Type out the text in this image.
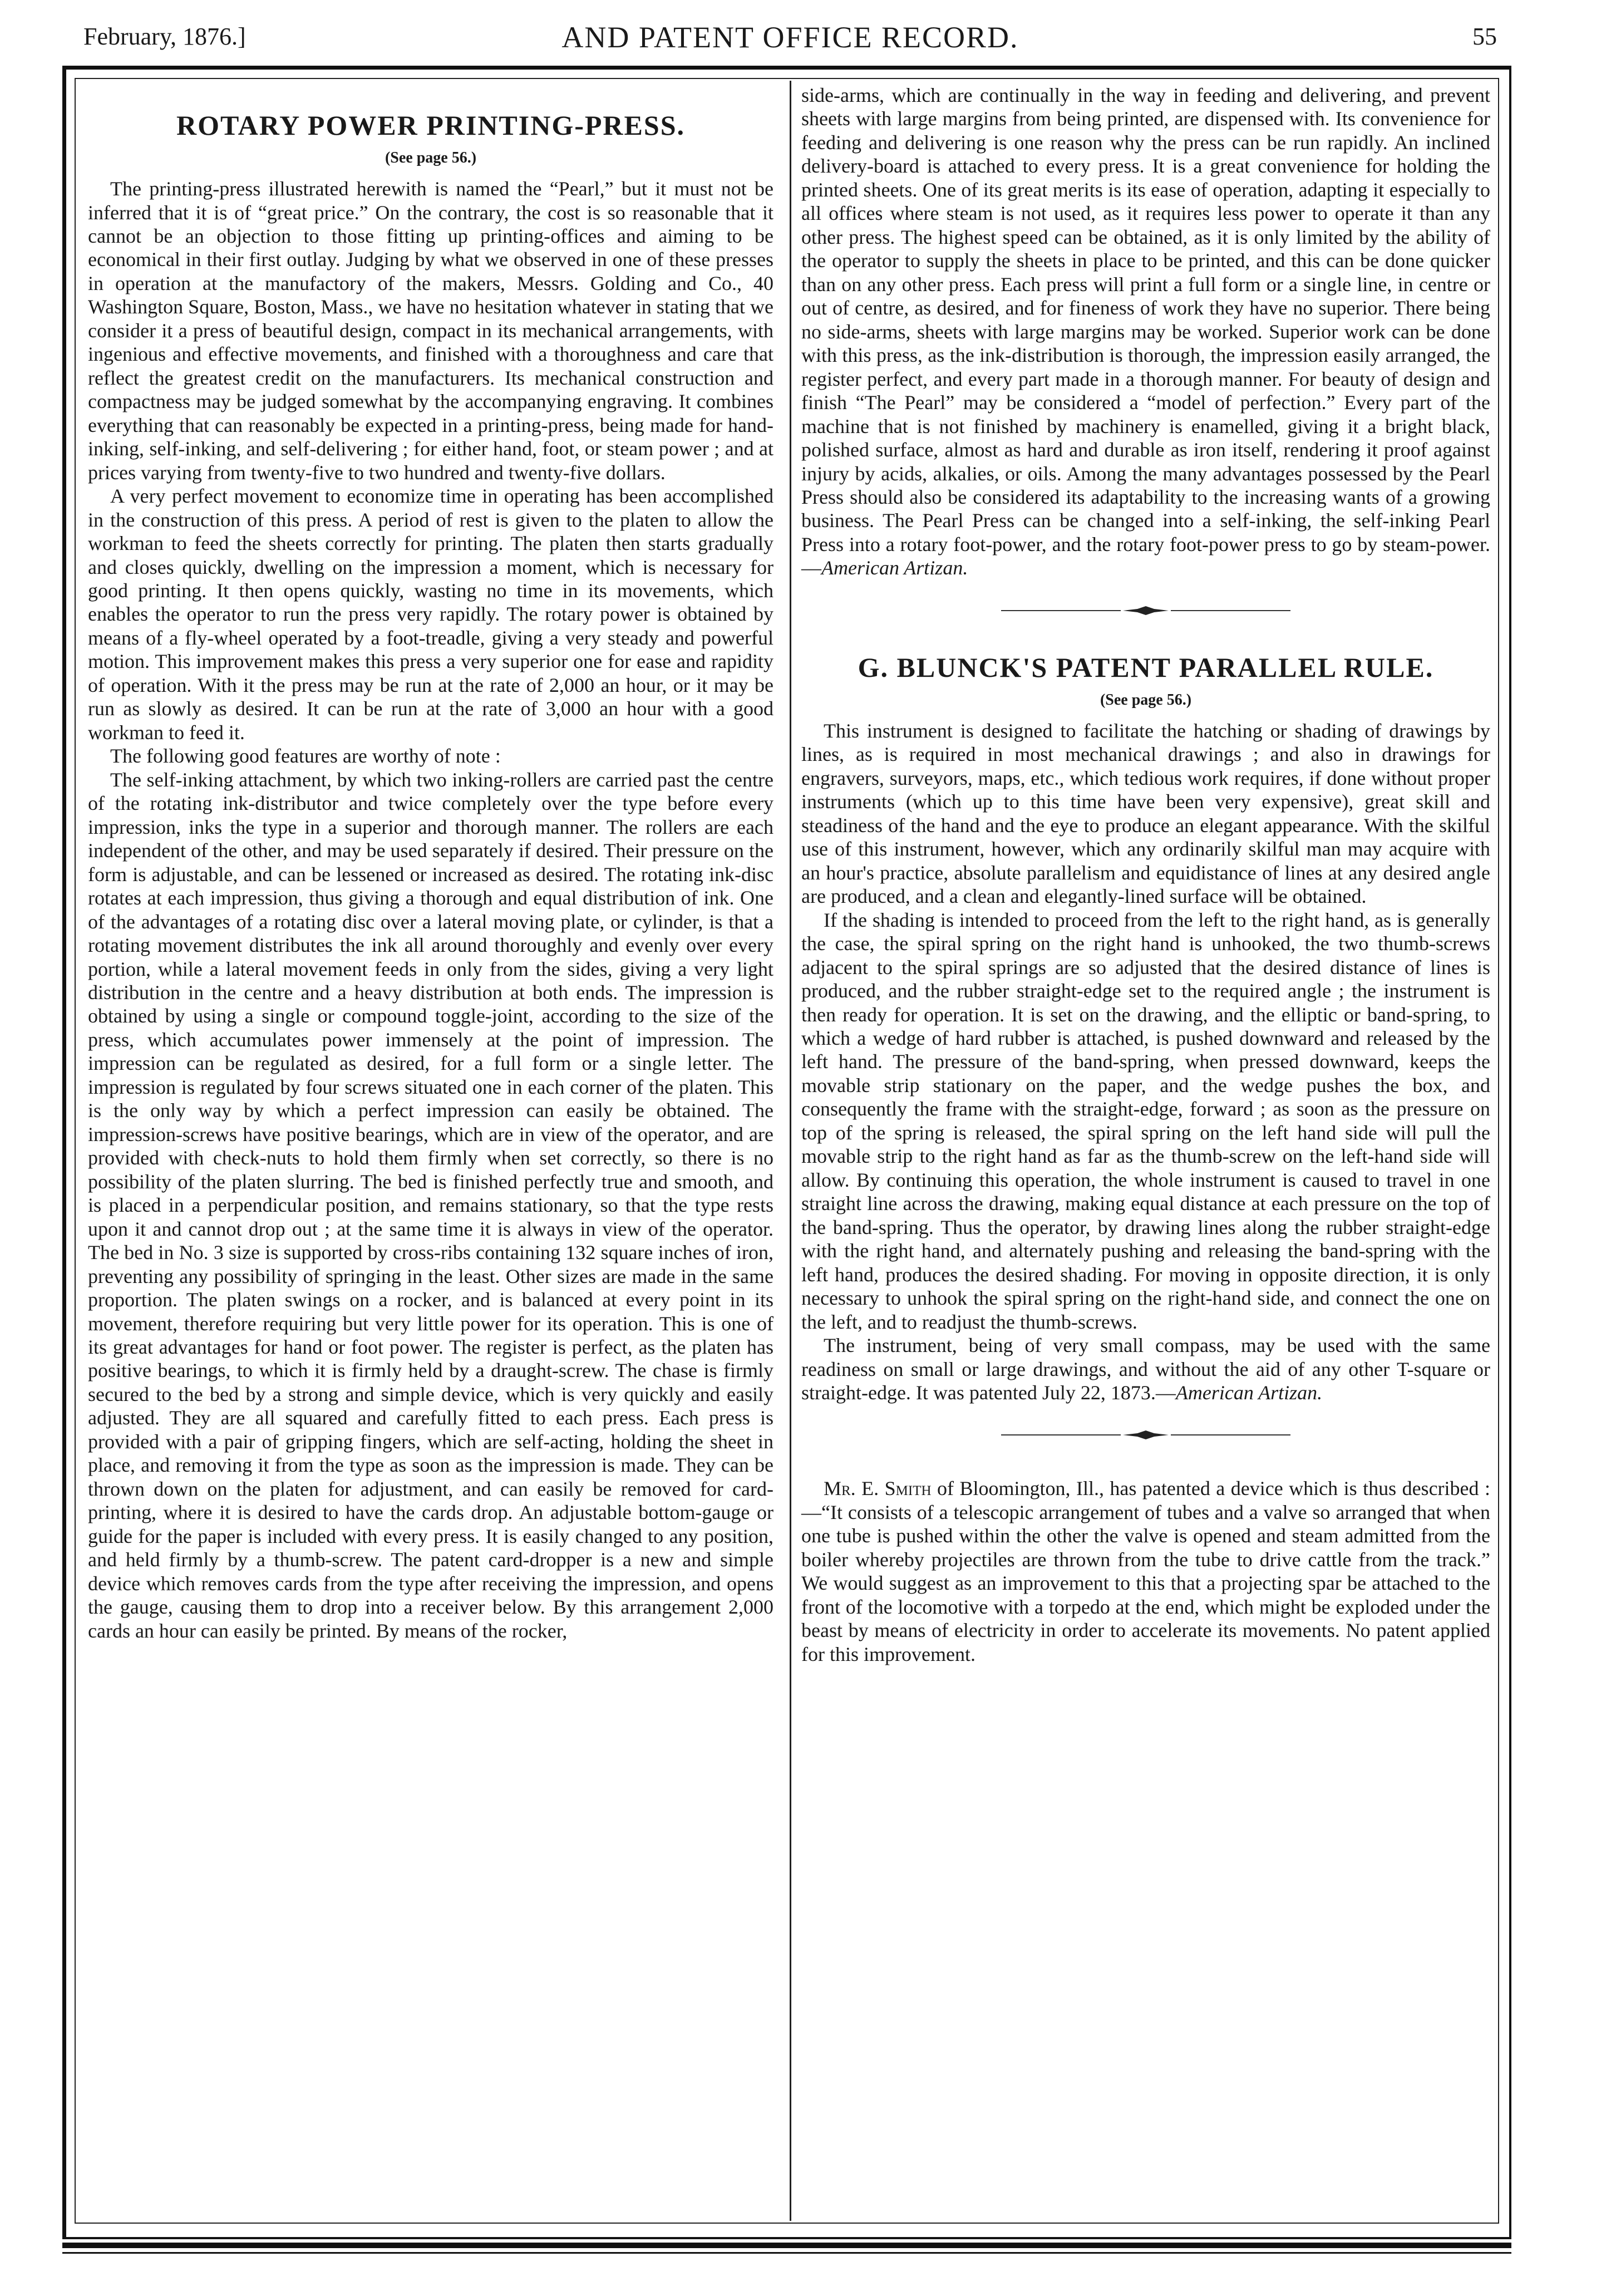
February, 1876.]	AND PATENT OFFICE RECORD.	55
ROTARY POWER PRINTING-PRESS.
(See page 56.)

The printing-press illustrated herewith is named the “Pearl,” but it must not be inferred that it is of “great price.” On the contrary, the cost is so reasonable that it cannot be an objection to those fitting up printing-offices and aiming to be economical in their first outlay. Judging by what we observed in one of these presses in operation at the manufactory of the makers, Messrs. Golding and Co., 40 Washington Square, Boston, Mass., we have no hesitation whatever in stating that we consider it a press of beautiful design, compact in its mechanical arrangements, with ingenious and effective movements, and finished with a thoroughness and care that reflect the greatest credit on the manufacturers. Its mechanical construction and compactness may be judged somewhat by the accompanying engraving. It combines everything that can reasonably be expected in a printing-press, being made for hand-inking, self-inking, and self-delivering ; for either hand, foot, or steam power ; and at prices varying from twenty-five to two hundred and twenty-five dollars.

A very perfect movement to economize time in operating has been accomplished in the construction of this press. A period of rest is given to the platen to allow the workman to feed the sheets correctly for printing. The platen then starts gradually and closes quickly, dwelling on the impression a moment, which is necessary for good printing. It then opens quickly, wasting no time in its movements, which enables the operator to run the press very rapidly. The rotary power is obtained by means of a fly-wheel operated by a foot-treadle, giving a very steady and powerful motion. This improvement makes this press a very superior one for ease and rapidity of operation. With it the press may be run at the rate of 2,000 an hour, or it may be run as slowly as desired. It can be run at the rate of 3,000 an hour with a good workman to feed it.

The following good features are worthy of note :

The self-inking attachment, by which two inking-rollers are carried past the centre of the rotating ink-distributor and twice completely over the type before every impression, inks the type in a superior and thorough manner. The rollers are each independent of the other, and may be used separately if desired. Their pressure on the form is adjustable, and can be lessened or increased as desired. The rotating ink-disc rotates at each impression, thus giving a thorough and equal distribution of ink. One of the advantages of a rotating disc over a lateral moving plate, or cylinder, is that a rotating movement distributes the ink all around thoroughly and evenly over every portion, while a lateral movement feeds in only from the sides, giving a very light distribution in the centre and a heavy distribution at both ends. The impression is obtained by using a single or compound toggle-joint, according to the size of the press, which accumulates power immensely at the point of impression. The impression can be regulated as desired, for a full form or a single letter. The impression is regulated by four screws situated one in each corner of the platen. This is the only way by which a perfect impression can easily be obtained. The impression-screws have positive bearings, which are in view of the operator, and are provided with check-nuts to hold them firmly when set correctly, so there is no possibility of the platen slurring. The bed is finished perfectly true and smooth, and is placed in a perpendicular position, and remains stationary, so that the type rests upon it and cannot drop out ; at the same time it is always in view of the operator. The bed in No. 3 size is supported by cross-ribs containing 132 square inches of iron, preventing any possibility of springing in the least. Other sizes are made in the same proportion. The platen swings on a rocker, and is balanced at every point in its movement, therefore requiring but very little power for its operation. This is one of its great advantages for hand or foot power. The register is perfect, as the platen has positive bearings, to which it is firmly held by a draught-screw. The chase is firmly secured to the bed by a strong and simple device, which is very quickly and easily adjusted. They are all squared and carefully fitted to each press. Each press is provided with a pair of gripping fingers, which are self-acting, holding the sheet in place, and removing it from the type as soon as the impression is made. They can be thrown down on the platen for adjustment, and can easily be removed for card-printing, where it is desired to have the cards drop. An adjustable bottom-gauge or guide for the paper is included with every press. It is easily changed to any position, and held firmly by a thumb-screw. The patent card-dropper is a new and simple device which removes cards from the type after receiving the impression, and opens the gauge, causing them to drop into a receiver below. By this arrangement 2,000 cards an hour can easily be printed. By means of the rocker,

side-arms, which are continually in the way in feeding and delivering, and prevent sheets with large margins from being printed, are dispensed with. Its convenience for feeding and delivering is one reason why the press can be run rapidly. An inclined delivery-board is attached to every press. It is a great convenience for holding the printed sheets. One of its great merits is its ease of operation, adapting it especially to all offices where steam is not used, as it requires less power to operate it than any other press. The highest speed can be obtained, as it is only limited by the ability of the operator to supply the sheets in place to be printed, and this can be done quicker than on any other press. Each press will print a full form or a single line, in centre or out of centre, as desired, and for fineness of work they have no superior. There being no side-arms, sheets with large margins may be worked. Superior work can be done with this press, as the ink-distribution is thorough, the impression easily arranged, the register perfect, and every part made in a thorough manner. For beauty of design and finish “The Pearl” may be considered a “model of perfection.” Every part of the machine that is not finished by machinery is enamelled, giving it a bright black, polished surface, almost as hard and durable as iron itself, rendering it proof against injury by acids, alkalies, or oils. Among the many advantages possessed by the Pearl Press should also be considered its adaptability to the increasing wants of a growing business. The Pearl Press can be changed into a self-inking, the self-inking Pearl Press into a rotary foot-power, and the rotary foot-power press to go by steam-power.—American Artizan.

G. BLUNCK'S PATENT PARALLEL RULE.
(See page 56.)

This instrument is designed to facilitate the hatching or shading of drawings by lines, as is required in most mechanical drawings ; and also in drawings for engravers, surveyors, maps, etc., which tedious work requires, if done without proper instruments (which up to this time have been very expensive), great skill and steadiness of the hand and the eye to produce an elegant appearance. With the skilful use of this instrument, however, which any ordinarily skilful man may acquire with an hour's practice, absolute parallelism and equidistance of lines at any desired angle are produced, and a clean and elegantly-lined surface will be obtained.

If the shading is intended to proceed from the left to the right hand, as is generally the case, the spiral spring on the right hand is unhooked, the two thumb-screws adjacent to the spiral springs are so adjusted that the desired distance of lines is produced, and the rubber straight-edge set to the required angle ; the instrument is then ready for operation. It is set on the drawing, and the elliptic or band-spring, to which a wedge of hard rubber is attached, is pushed downward and released by the left hand. The pressure of the band-spring, when pressed downward, keeps the movable strip stationary on the paper, and the wedge pushes the box, and consequently the frame with the straight-edge, forward ; as soon as the pressure on top of the spring is released, the spiral spring on the left hand side will pull the movable strip to the right hand as far as the thumb-screw on the left-hand side will allow. By continuing this operation, the whole instrument is caused to travel in one straight line across the drawing, making equal distance at each pressure on the top of the band-spring. Thus the operator, by drawing lines along the rubber straight-edge with the right hand, and alternately pushing and releasing the band-spring with the left hand, produces the desired shading. For moving in opposite direction, it is only necessary to unhook the spiral spring on the right-hand side, and connect the one on the left, and to readjust the thumb-screws.

The instrument, being of very small compass, may be used with the same readiness on small or large drawings, and without the aid of any other T-square or straight-edge. It was patented July 22, 1873.—American Artizan.

Mr. E. Smith of Bloomington, Ill., has patented a device which is thus described :—“It consists of a telescopic arrangement of tubes and a valve so arranged that when one tube is pushed within the other the valve is opened and steam admitted from the boiler whereby projectiles are thrown from the tube to drive cattle from the track.” We would suggest as an improvement to this that a projecting spar be attached to the front of the locomotive with a torpedo at the end, which might be exploded under the beast by means of electricity in order to accelerate its movements. No patent applied for this improvement.
